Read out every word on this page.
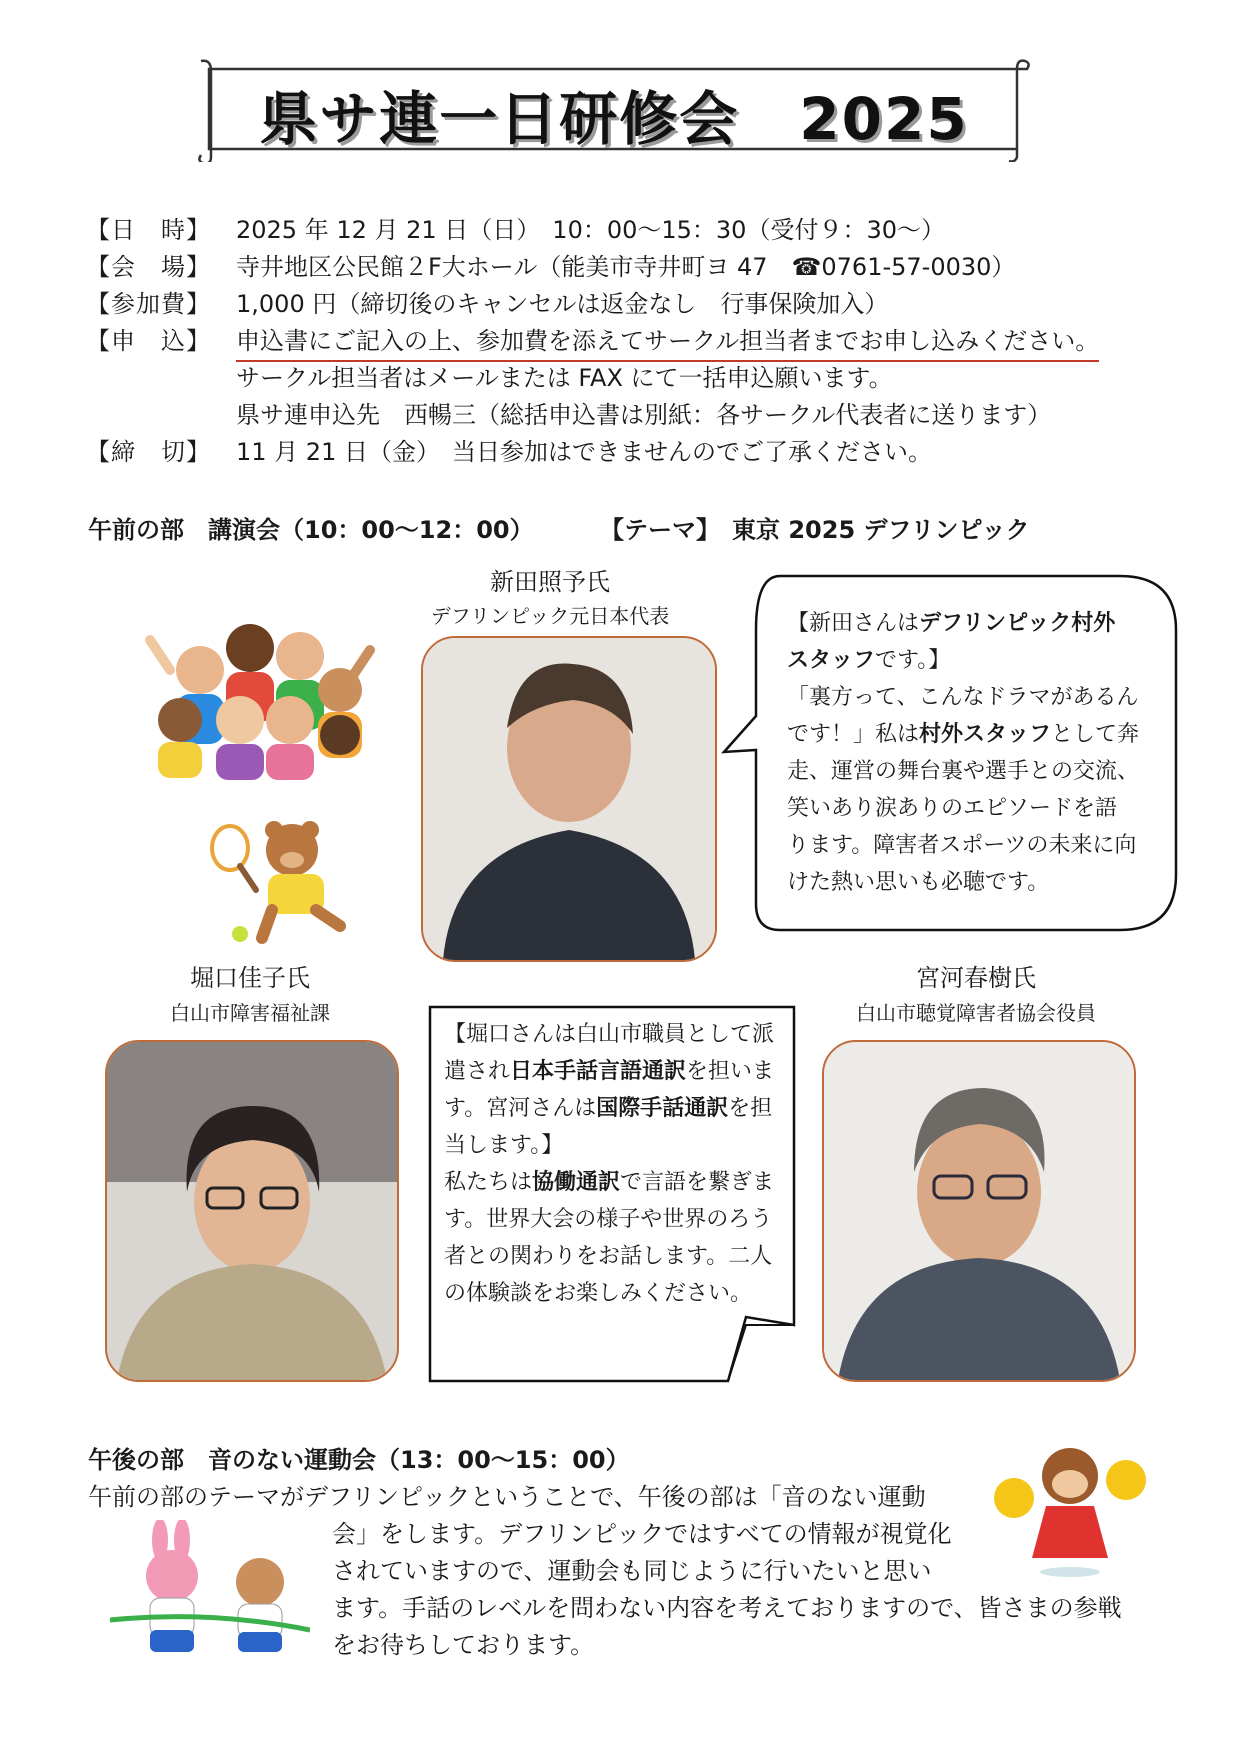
県サ連一日研修会　2025
【日　時】 2025 年 12 月 21 日（日）　10：00〜15：30（受付９：30〜）
【会　場】 寺井地区公民館２F大ホール（能美市寺井町ヨ 47　☎0761-57-0030）
【参加費】 1,000 円（締切後のキャンセルは返金なし　行事保険加入）
【申　込】 申込書にご記入の上、参加費を添えてサークル担当者までお申し込みください。
サークル担当者はメールまたは FAX にて一括申込願います。
県サ連申込先　西暢三（総括申込書は別紙：各サークル代表者に送ります）
【締　切】 11 月 21 日（金）　当日参加はできませんのでご了承ください。
午前の部　講演会（10：00〜12：00）	【テーマ】　東京 2025 デフリンピック
新田照予氏
デフリンピック元日本代表	【新田さんはデフリンピック村外
スタッフです。】
「裏方って、こんなドラマがあるん
です！」私は村外スタッフとして奔
走、運営の舞台裏や選手との交流、
笑いあり涙ありのエピソードを語
ります。障害者スポーツの未来に向
けた熱い思いも必聴です。
堀口佳子氏
白山市障害福祉課
【堀口さんは白山市職員として派
遣され日本手話言語通訳を担いま
す。宮河さんは国際手話通訳を担
当します。】
私たちは協働通訳で言語を繋ぎま
す。世界大会の様子や世界のろう
者との関わりをお話します。二人
の体験談をお楽しみください。
宮河春樹氏
白山市聴覚障害者協会役員
午後の部　音のない運動会（13：00〜15：00）
午前の部のテーマがデフリンピックということで、午後の部は「音のない運動
会」をします。デフリンピックではすべての情報が視覚化
されていますので、運動会も同じように行いたいと思い
ます。手話のレベルを問わない内容を考えておりますので、皆さまの参戦
をお待ちしております。
